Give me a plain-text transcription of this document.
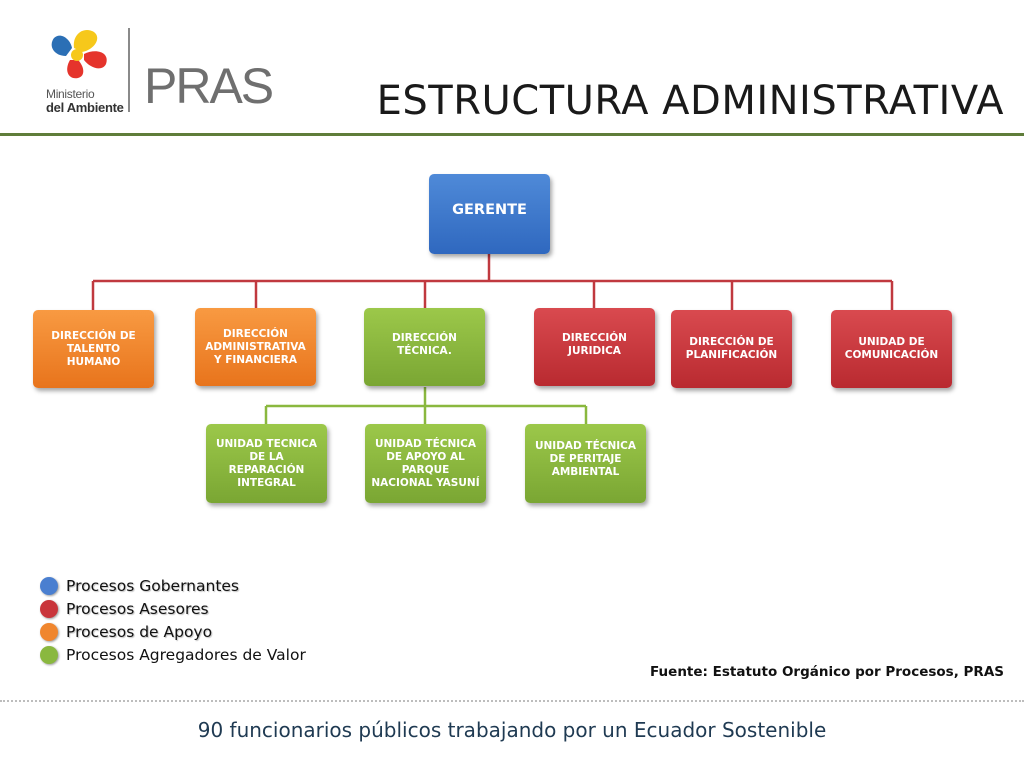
Ministerio
del Ambiente PRAS	ESTRUCTURA ADMINISTRATIVA
GERENTE
DIRECCIÓN DE TALENTO HUMANO
DIRECCIÓN ADMINISTRATIVA Y FINANCIERA
DIRECCIÓN TÉCNICA.
DIRECCIÓN JURIDICA
DIRECCIÓN DE PLANIFICACIÓN
UNIDAD DE COMUNICACIÓN
UNIDAD TECNICA DE LA REPARACIÓN INTEGRAL
UNIDAD TÉCNICA DE APOYO AL PARQUE NACIONAL YASUNÍ
UNIDAD TÉCNICA DE PERITAJE AMBIENTAL
Procesos Gobernantes
Procesos Asesores
Procesos de Apoyo
Procesos Agregadores de Valor
Fuente: Estatuto Orgánico por Procesos, PRAS
90 funcionarios públicos trabajando por un Ecuador Sostenible
